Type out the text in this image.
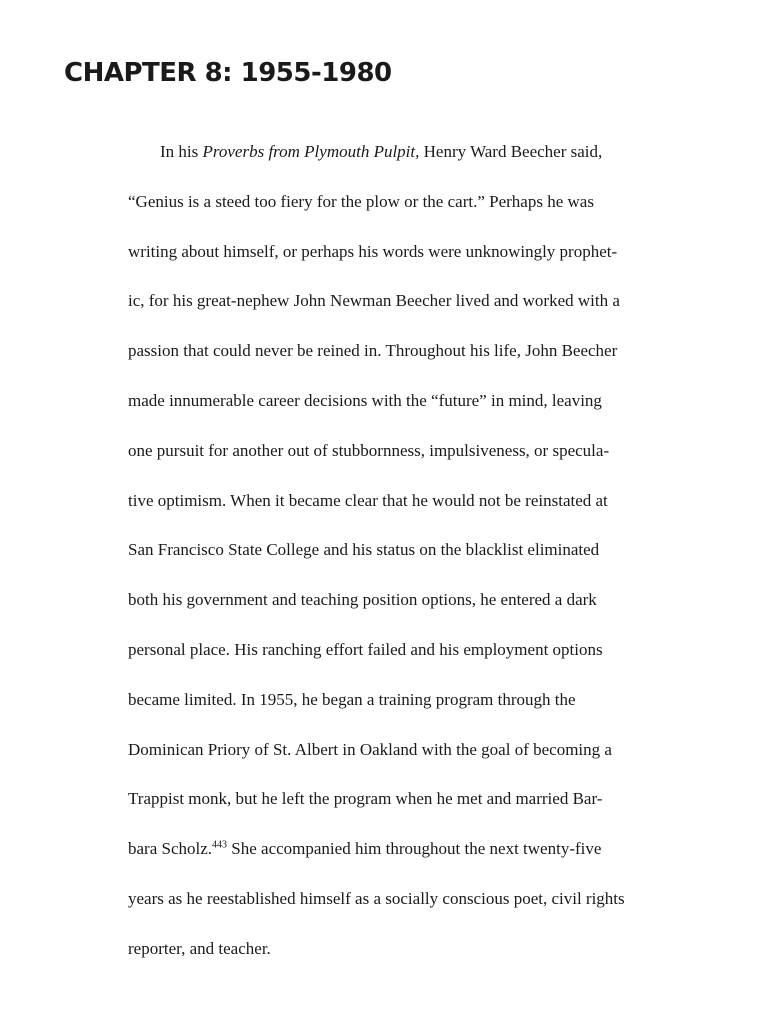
CHAPTER 8: 1955-1980
In his Proverbs from Plymouth Pulpit, Henry Ward Beecher said,
“Genius is a steed too fiery for the plow or the cart.” Perhaps he was
writing about himself, or perhaps his words were unknowingly prophet-
ic, for his great-nephew John Newman Beecher lived and worked with a
passion that could never be reined in. Throughout his life, John Beecher
made innumerable career decisions with the “future” in mind, leaving
one pursuit for another out of stubbornness, impulsiveness, or specula-
tive optimism. When it became clear that he would not be reinstated at
San Francisco State College and his status on the blacklist eliminated
both his government and teaching position options, he entered a dark
personal place. His ranching effort failed and his employment options
became limited. In 1955, he began a training program through the
Dominican Priory of St. Albert in Oakland with the goal of becoming a
Trappist monk, but he left the program when he met and married Bar-
bara Scholz.$^{443}$ She accompanied him throughout the next twenty-five
years as he reestablished himself as a socially conscious poet, civil rights
reporter, and teacher.
